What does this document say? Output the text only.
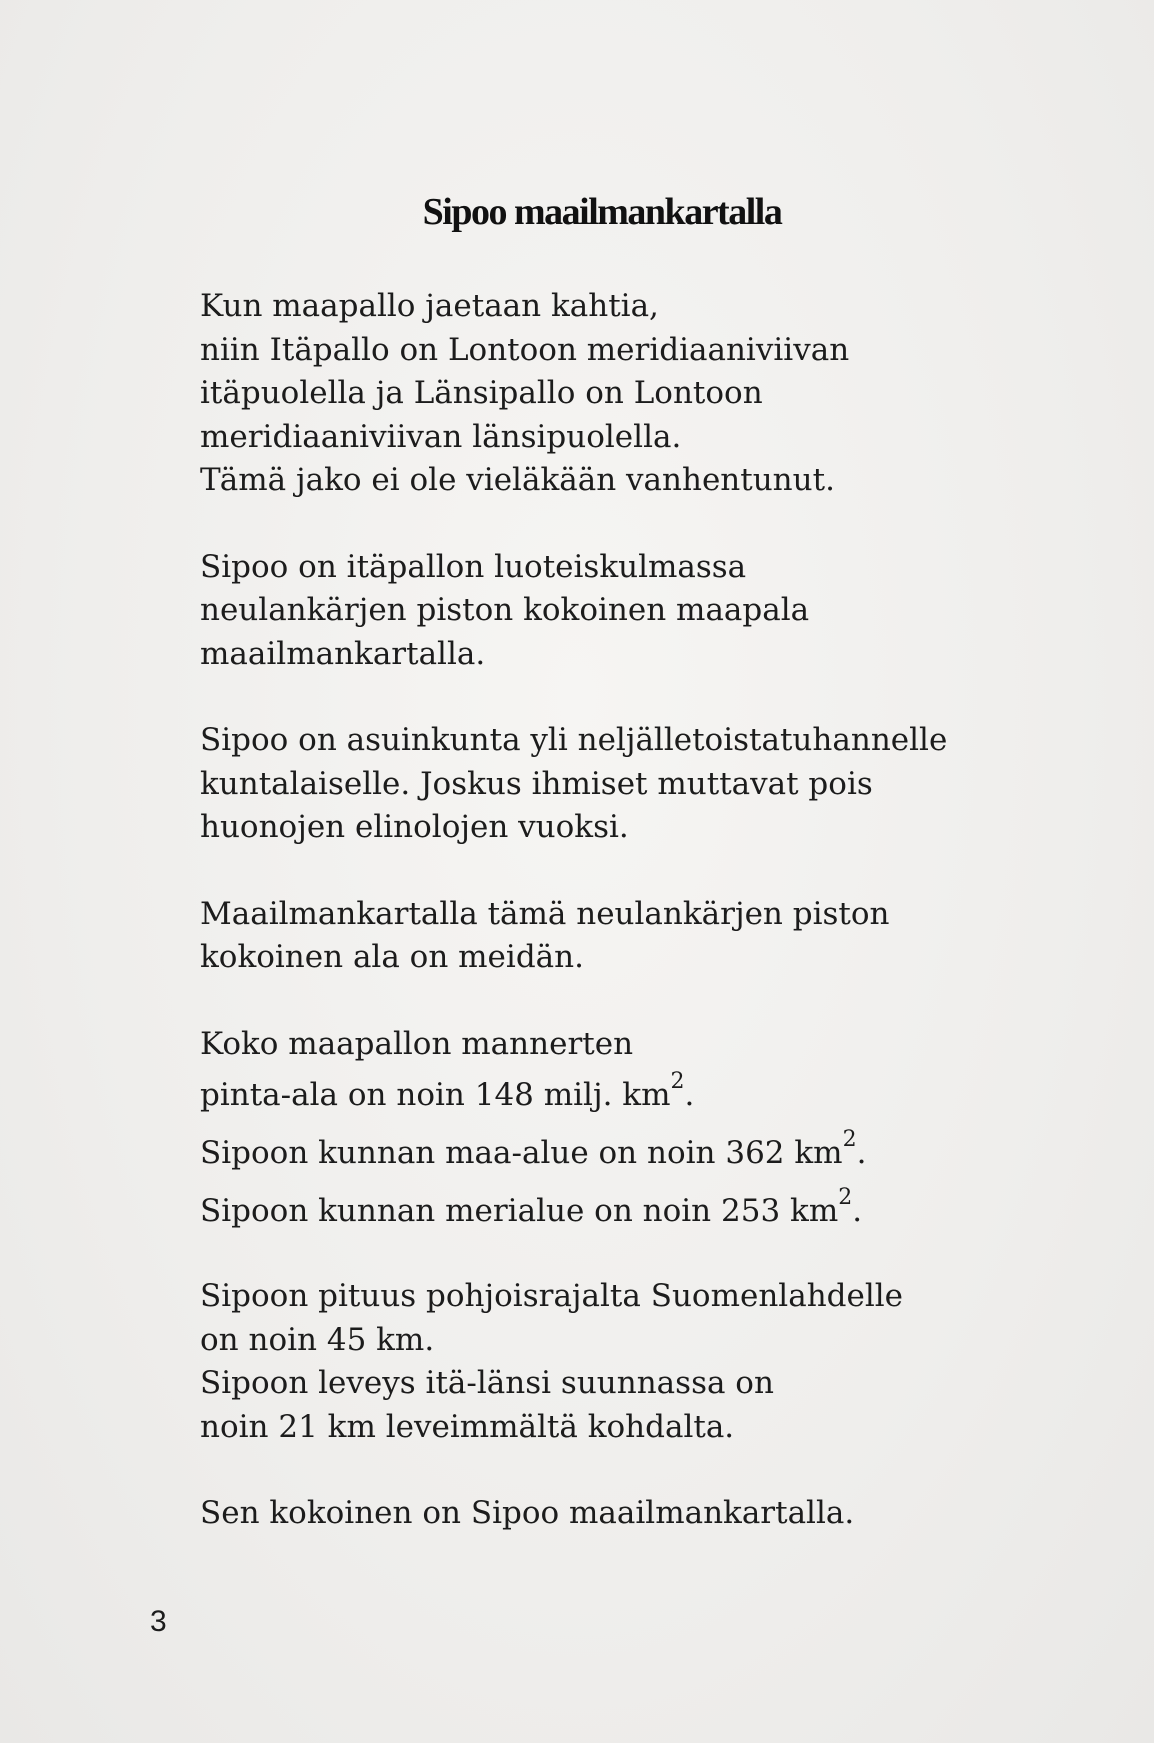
Sipoo maailmankartalla

Kun maapallo jaetaan kahtia,
niin Itäpallo on Lontoon meridiaaniviivan
itäpuolella ja Länsipallo on Lontoon
meridiaaniviivan länsipuolella.
Tämä jako ei ole vieläkään vanhentunut.

Sipoo on itäpallon luoteiskulmassa
neulankärjen piston kokoinen maapala
maailmankartalla.

Sipoo on asuinkunta yli neljälletoistatuhannelle
kuntalaiselle. Joskus ihmiset muttavat pois
huonojen elinolojen vuoksi.

Maailmankartalla tämä neulankärjen piston
kokoinen ala on meidän.

Koko maapallon mannerten
pinta-ala on noin 148 milj. $km^2$.
Sipoon kunnan maa-alue on noin 362 $km^2$.
Sipoon kunnan merialue on noin 253 $km^2$.

Sipoon pituus pohjoisrajalta Suomenlahdelle
on noin 45 km.
Sipoon leveys itä-länsi suunnassa on
noin 21 km leveimmältä kohdalta.

Sen kokoinen on Sipoo maailmankartalla.

3
